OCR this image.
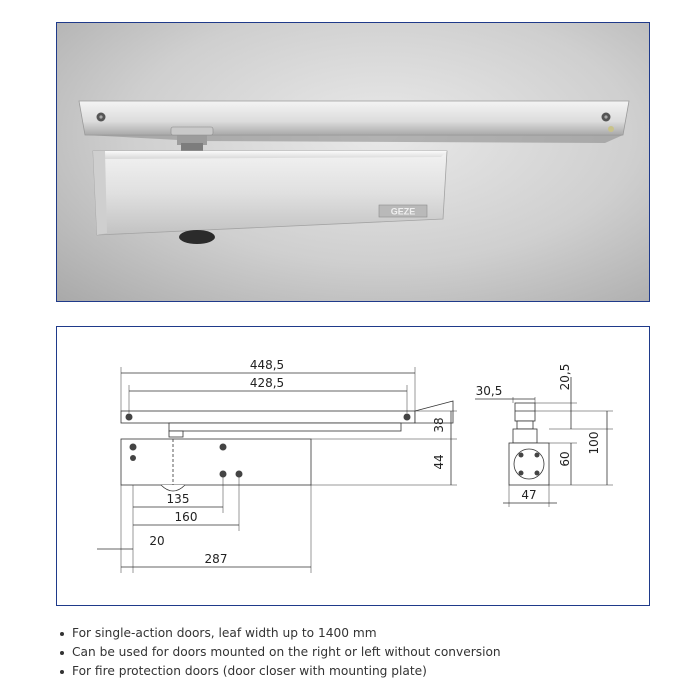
GEZE
448,5
428,5
135
160
20
287
38
44
30,5
20,5
60
100
47
For single-action doors, leaf width up to 1400 mm
Can be used for doors mounted on the right or left without conversion
For fire protection doors (door closer with mounting plate)
